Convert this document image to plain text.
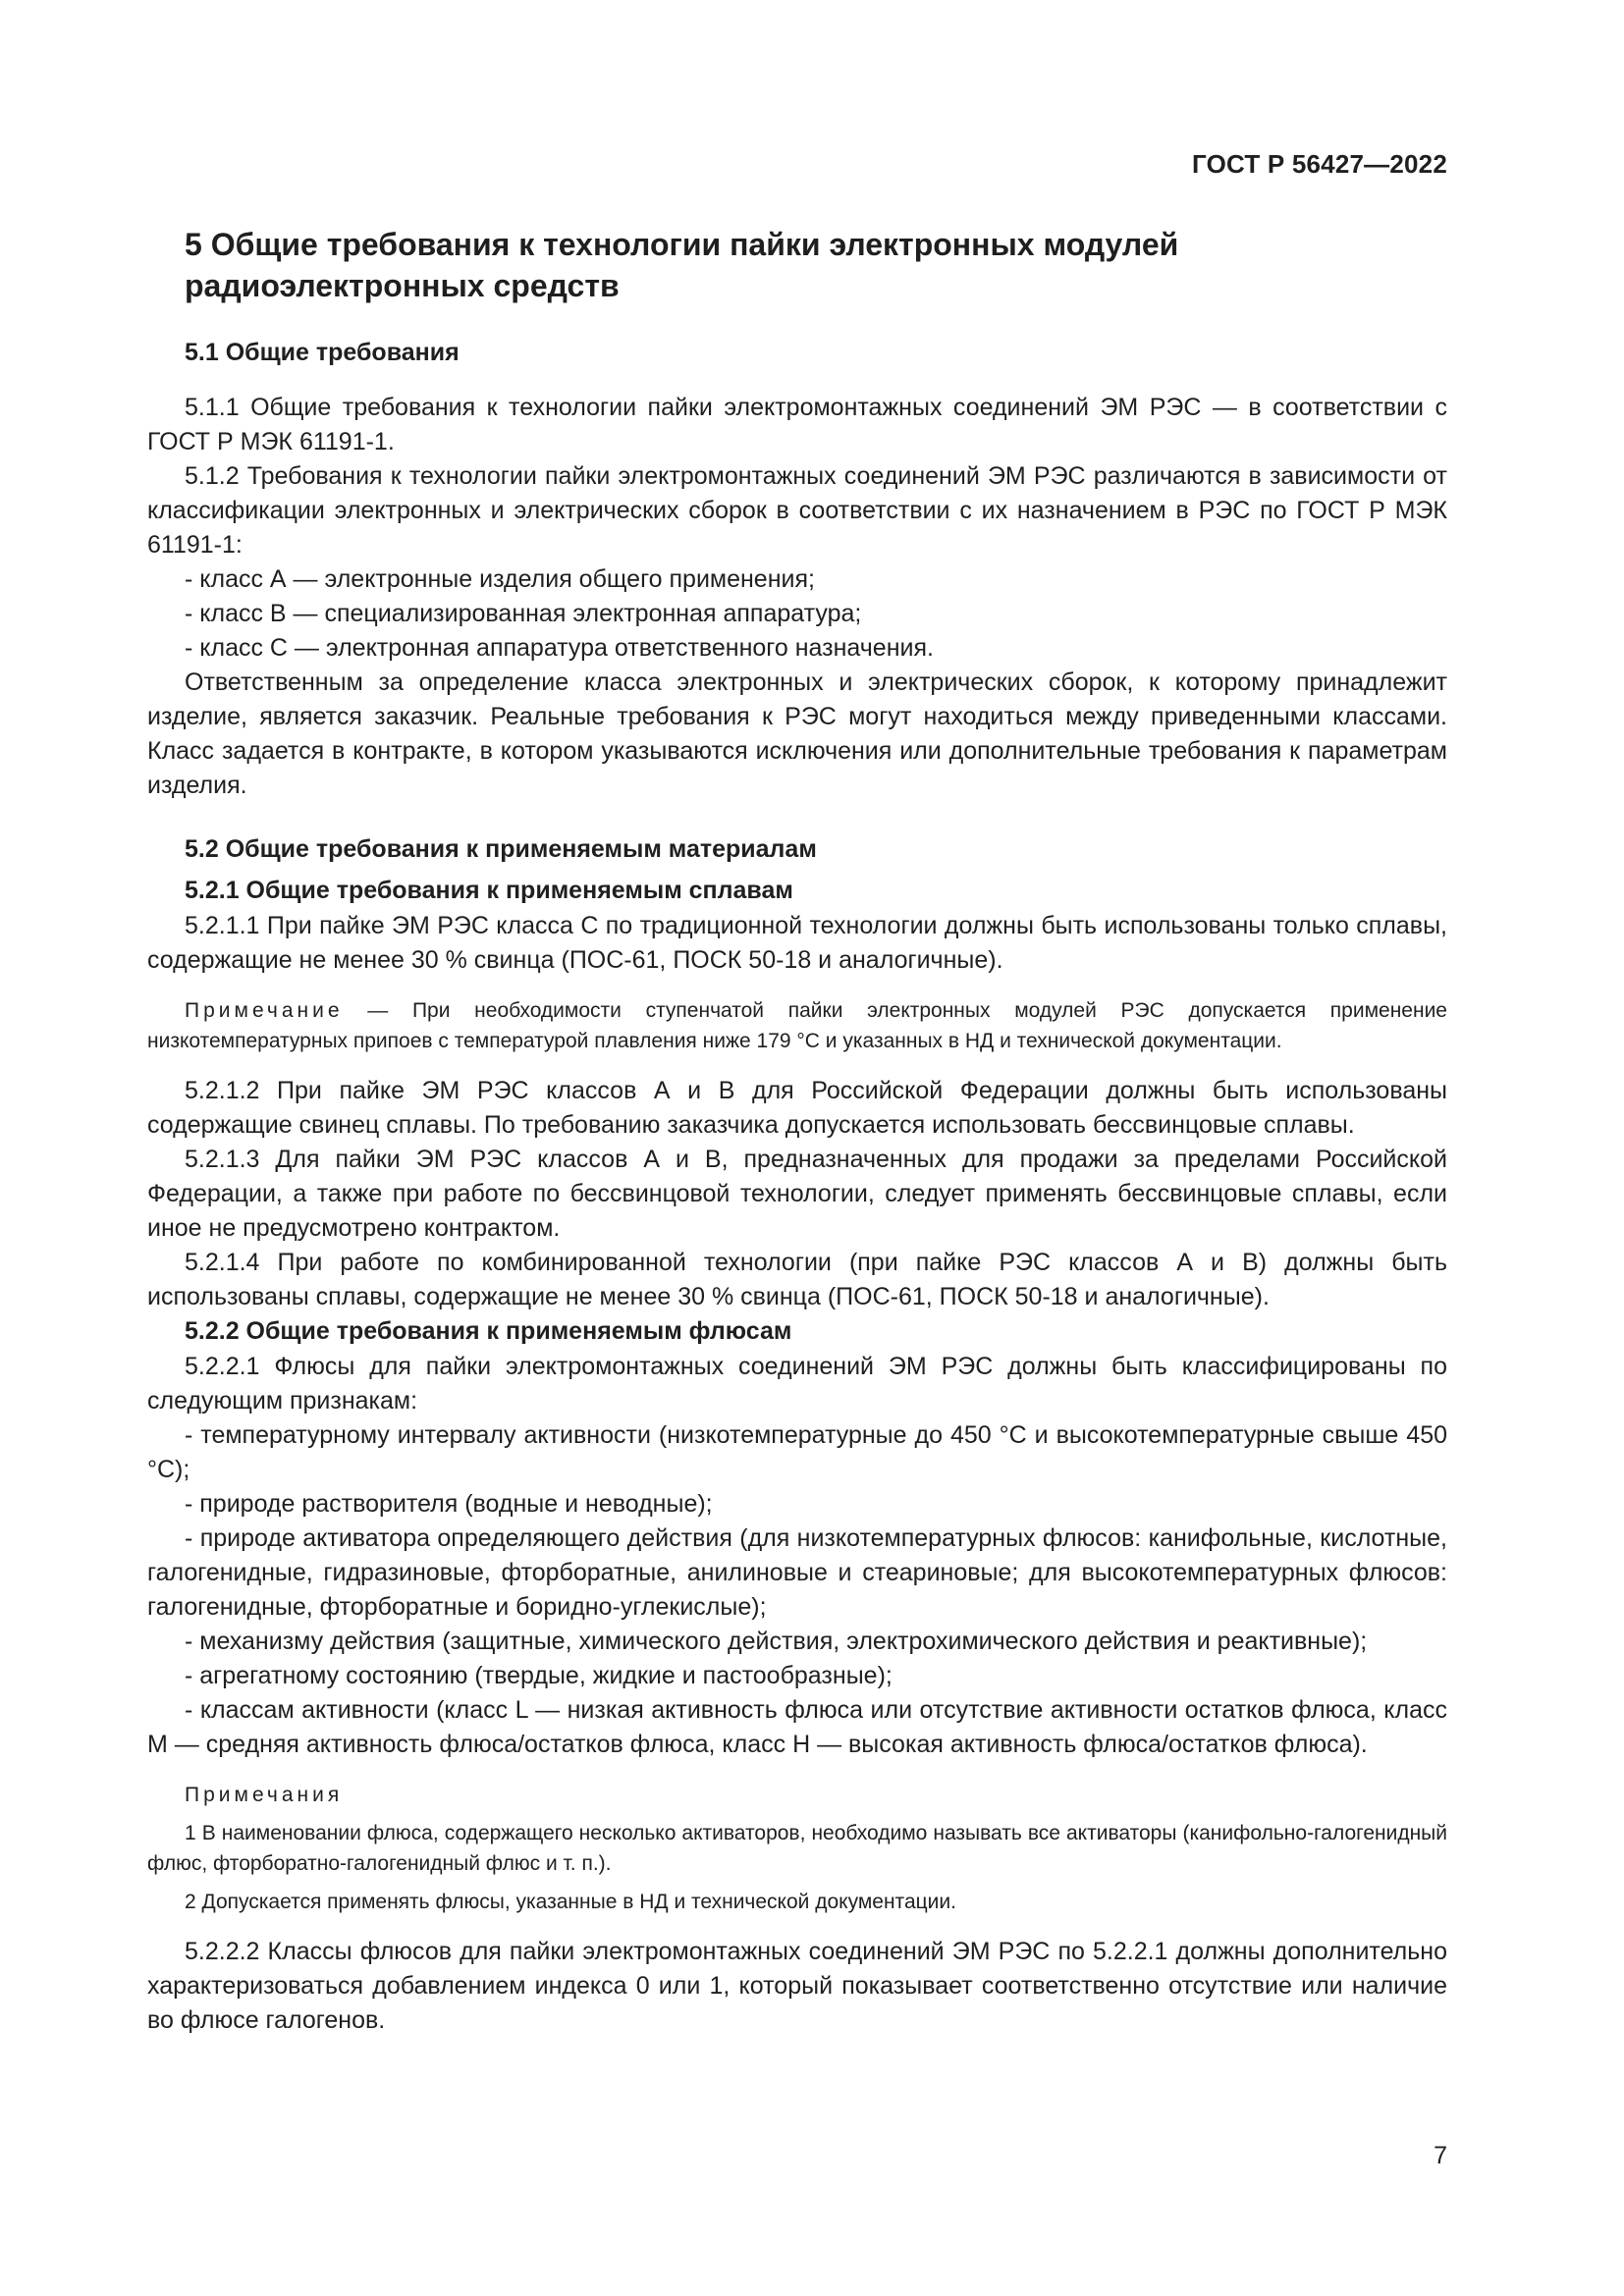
ГОСТ Р 56427—2022
5 Общие требования к технологии пайки электронных модулей радиоэлектронных средств
5.1 Общие требования

5.1.1 Общие требования к технологии пайки электромонтажных соединений ЭМ РЭС — в соответствии с ГОСТ Р МЭК 61191-1.

5.1.2 Требования к технологии пайки электромонтажных соединений ЭМ РЭС различаются в зависимости от классификации электронных и электрических сборок в соответствии с их назначением в РЭС по ГОСТ Р МЭК 61191-1:

- класс А — электронные изделия общего применения;

- класс В — специализированная электронная аппаратура;

- класс С — электронная аппаратура ответственного назначения.

Ответственным за определение класса электронных и электрических сборок, к которому принадлежит изделие, является заказчик. Реальные требования к РЭС могут находиться между приведенными классами. Класс задается в контракте, в котором указываются исключения или дополнительные требования к параметрам изделия.

5.2 Общие требования к применяемым материалам
5.2.1 Общие требования к применяемым сплавам

5.2.1.1 При пайке ЭМ РЭС класса С по традиционной технологии должны быть использованы только сплавы, содержащие не менее 30 % свинца (ПОС-61, ПОСК 50-18 и аналогичные).

Примечание — При необходимости ступенчатой пайки электронных модулей РЭС допускается применение низкотемпературных припоев с температурой плавления ниже 179 °С и указанных в НД и технической документации.

5.2.1.2 При пайке ЭМ РЭС классов А и В для Российской Федерации должны быть использованы содержащие свинец сплавы. По требованию заказчика допускается использовать бессвинцовые сплавы.

5.2.1.3 Для пайки ЭМ РЭС классов А и В, предназначенных для продажи за пределами Российской Федерации, а также при работе по бессвинцовой технологии, следует применять бессвинцовые сплавы, если иное не предусмотрено контрактом.

5.2.1.4 При работе по комбинированной технологии (при пайке РЭС классов А и В) должны быть использованы сплавы, содержащие не менее 30 % свинца (ПОС-61, ПОСК 50-18 и аналогичные).

5.2.2 Общие требования к применяемым флюсам

5.2.2.1 Флюсы для пайки электромонтажных соединений ЭМ РЭС должны быть классифицированы по следующим признакам:

- температурному интервалу активности (низкотемпературные до 450 °С и высокотемпературные свыше 450 °С);

- природе растворителя (водные и неводные);

- природе активатора определяющего действия (для низкотемпературных флюсов: канифольные, кислотные, галогенидные, гидразиновые, фторборатные, анилиновые и стеариновые; для высокотемпературных флюсов: галогенидные, фторборатные и боридно-углекислые);

- механизму действия (защитные, химического действия, электрохимического действия и реактивные);

- агрегатному состоянию (твердые, жидкие и пастообразные);

- классам активности (класс L — низкая активность флюса или отсутствие активности остатков флюса, класс М — средняя активность флюса/остатков флюса, класс Н — высокая активность флюса/остатков флюса).

Примечания

1 В наименовании флюса, содержащего несколько активаторов, необходимо называть все активаторы (канифольно-галогенидный флюс, фторборатно-галогенидный флюс и т. п.).

2 Допускается применять флюсы, указанные в НД и технической документации.

5.2.2.2 Классы флюсов для пайки электромонтажных соединений ЭМ РЭС по 5.2.2.1 должны дополнительно характеризоваться добавлением индекса 0 или 1, который показывает соответственно отсутствие или наличие во флюсе галогенов.

7
